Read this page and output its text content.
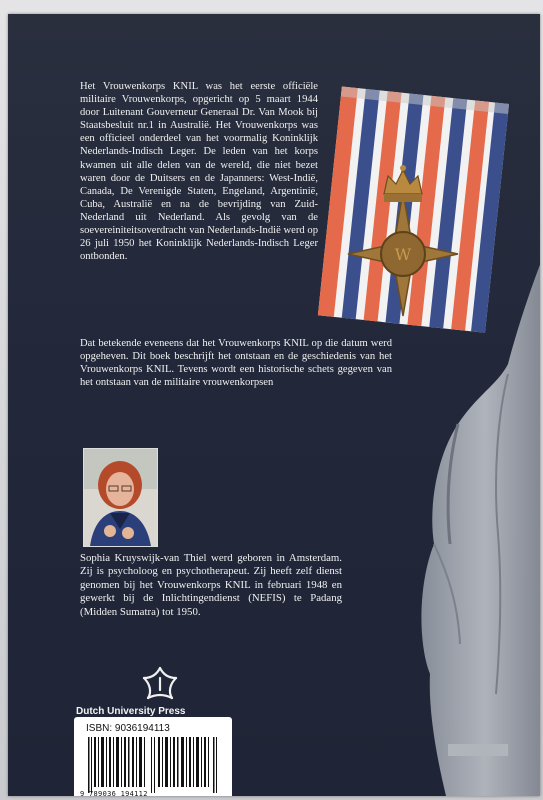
Het Vrouwenkorps KNIL was het eerste officiële militaire Vrouwenkorps, opgericht op 5 maart 1944 door Luitenant Gouverneur Generaal Dr. Van Mook bij Staatsbesluit nr.1 in Australië. Het Vrouwenkorps was een officieel onderdeel van het voormalig Koninklijk Nederlands-Indisch Leger. De leden van het korps kwamen uit alle delen van de wereld, die niet bezet waren door de Duitsers en de Japanners: West-Indië, Canada, De Verenigde Staten, Engeland, Argentinië, Cuba, Australië en na de bevrijding van Zuid-Nederland uit Nederland. Als gevolg van de soevereiniteitsoverdracht van Nederlands-Indië werd op 26 juli 1950 het Koninklijk Nederlands-Indisch Leger ontbonden.

Dat betekende eveneens dat het Vrouwenkorps KNIL op die datum werd opgeheven. Dit boek beschrijft het ontstaan en de geschiedenis van het Vrouwenkorps KNIL. Tevens wordt een historische schets gegeven van het ontstaan van de militaire vrouwenkorpsen

W

Sophia Kruyswijk-van Thiel werd geboren in Amsterdam. Zij is psycholoog en psychotherapeut. Zij heeft zelf dienst genomen bij het Vrouwenkorps KNIL in februari 1948 en gewerkt bij de Inlichtingendienst (NEFIS) te Padang (Midden Sumatra) tot 1950.

Dutch University Press
ISBN: 9036194113
9 789036 194112
